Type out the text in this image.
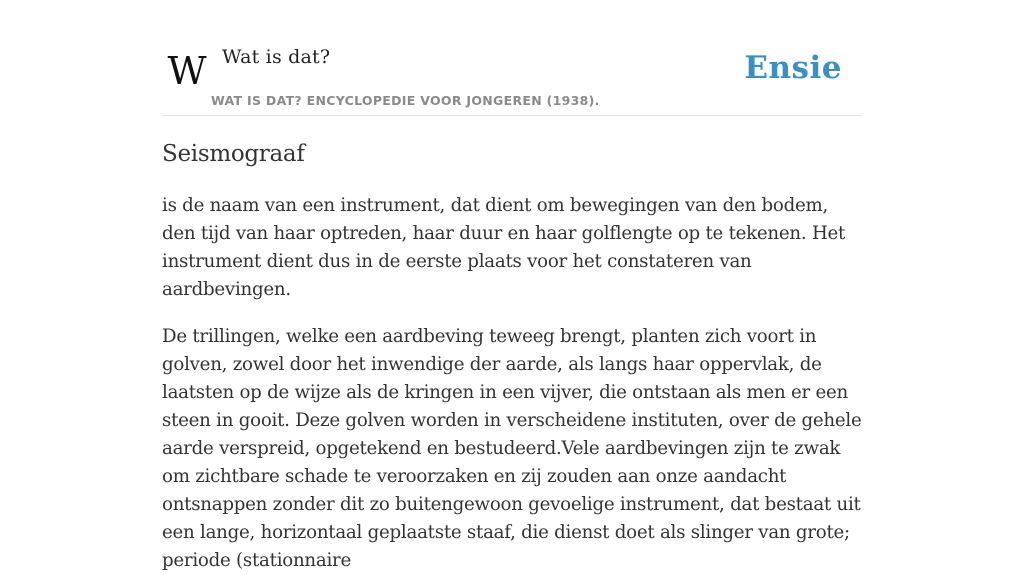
W Wat is dat?
WAT IS DAT? ENCYCLOPEDIE VOOR JONGEREN (1938).
Ensie
Seismograaf

is de naam van een instrument, dat dient om bewegingen van den bodem, den tijd van haar optreden, haar duur en haar golflengte op te tekenen. Het instrument dient dus in de eerste plaats voor het constateren van aardbevingen.

De trillingen, welke een aardbeving teweeg brengt, planten zich voort in golven, zowel door het inwendige der aarde, als langs haar oppervlak, de laatsten op de wijze als de kringen in een vijver, die ontstaan als men er een steen in gooit. Deze golven worden in verscheidene instituten, over de gehele aarde verspreid, opgetekend en bestudeerd.Vele aardbevingen zijn te zwak om zichtbare schade te veroorzaken en zij zouden aan onze aandacht ontsnappen zonder dit zo buitengewoon gevoelige instrument, dat bestaat uit een lange, horizontaal geplaatste staaf, die dienst doet als slinger van grote; periode (stationnaire
